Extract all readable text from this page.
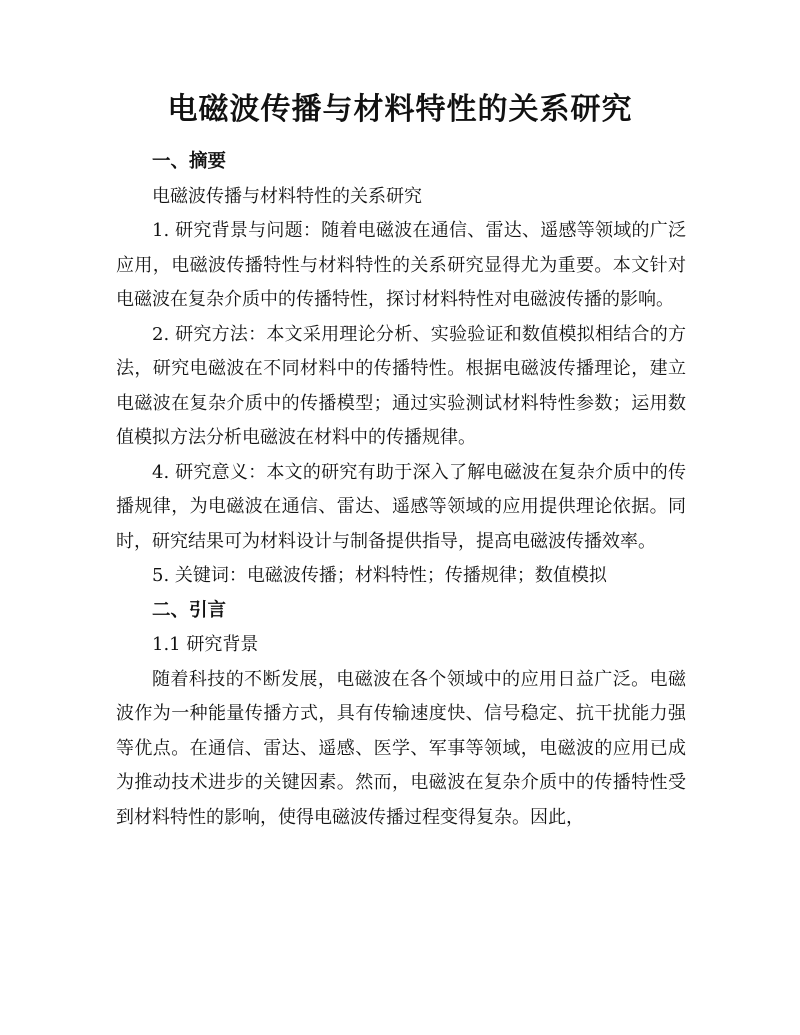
电磁波传播与材料特性的关系研究

一、摘要

电磁波传播与材料特性的关系研究

1. 研究背景与问题：随着电磁波在通信、雷达、遥感等领域的广泛应用，电磁波传播特性与材料特性的关系研究显得尤为重要。本文针对电磁波在复杂介质中的传播特性，探讨材料特性对电磁波传播的影响。

2. 研究方法：本文采用理论分析、实验验证和数值模拟相结合的方法，研究电磁波在不同材料中的传播特性。根据电磁波传播理论，建立电磁波在复杂介质中的传播模型；通过实验测试材料特性参数；运用数值模拟方法分析电磁波在材料中的传播规律。

4. 研究意义：本文的研究有助于深入了解电磁波在复杂介质中的传播规律，为电磁波在通信、雷达、遥感等领域的应用提供理论依据。同时，研究结果可为材料设计与制备提供指导，提高电磁波传播效率。

5. 关键词：电磁波传播；材料特性；传播规律；数值模拟

二、引言

1.1 研究背景

随着科技的不断发展，电磁波在各个领域中的应用日益广泛。电磁波作为一种能量传播方式，具有传输速度快、信号稳定、抗干扰能力强等优点。在通信、雷达、遥感、医学、军事等领域，电磁波的应用已成为推动技术进步的关键因素。然而，电磁波在复杂介质中的传播特性受到材料特性的影响，使得电磁波传播过程变得复杂。因此，
